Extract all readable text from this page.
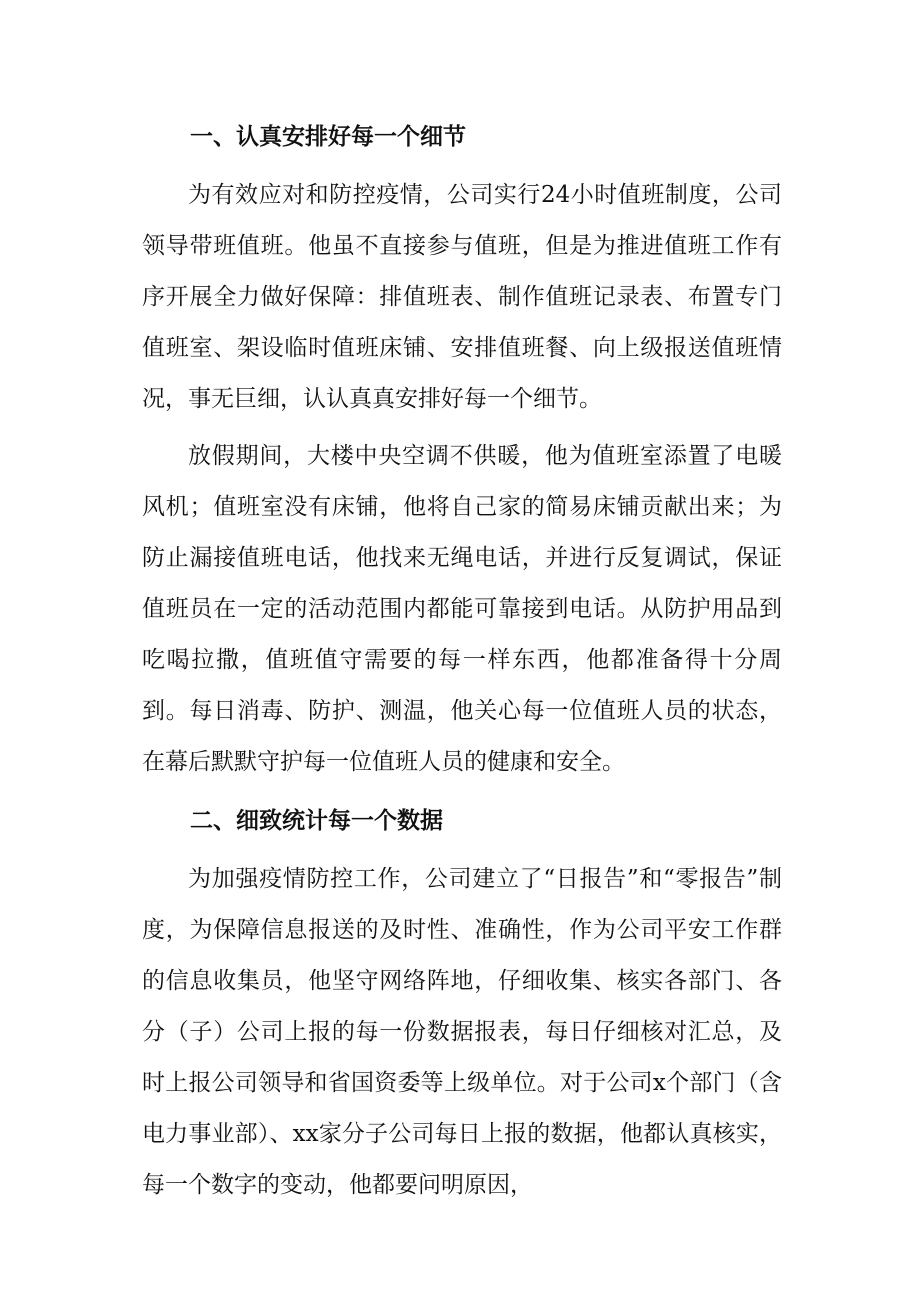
一、认真安排好每一个细节

为有效应对和防控疫情，公司实行24小时值班制度，公司领导带班值班。他虽不直接参与值班，但是为推进值班工作有序开展全力做好保障：排值班表、制作值班记录表、布置专门值班室、架设临时值班床铺、安排值班餐、向上级报送值班情况，事无巨细，认认真真安排好每一个细节。

放假期间，大楼中央空调不供暖，他为值班室添置了电暖风机；值班室没有床铺，他将自己家的简易床铺贡献出来；为防止漏接值班电话，他找来无绳电话，并进行反复调试，保证值班员在一定的活动范围内都能可靠接到电话。从防护用品到吃喝拉撒，值班值守需要的每一样东西，他都准备得十分周到。每日消毒、防护、测温，他关心每一位值班人员的状态，在幕后默默守护每一位值班人员的健康和安全。

二、细致统计每一个数据

为加强疫情防控工作，公司建立了“日报告”和“零报告”制度，为保障信息报送的及时性、准确性，作为公司平安工作群的信息收集员，他坚守网络阵地，仔细收集、核实各部门、各分（子）公司上报的每一份数据报表，每日仔细核对汇总，及时上报公司领导和省国资委等上级单位。对于公司x个部门（含电力事业部）、xx家分子公司每日上报的数据，他都认真核实，每一个数字的变动，他都要问明原因，
